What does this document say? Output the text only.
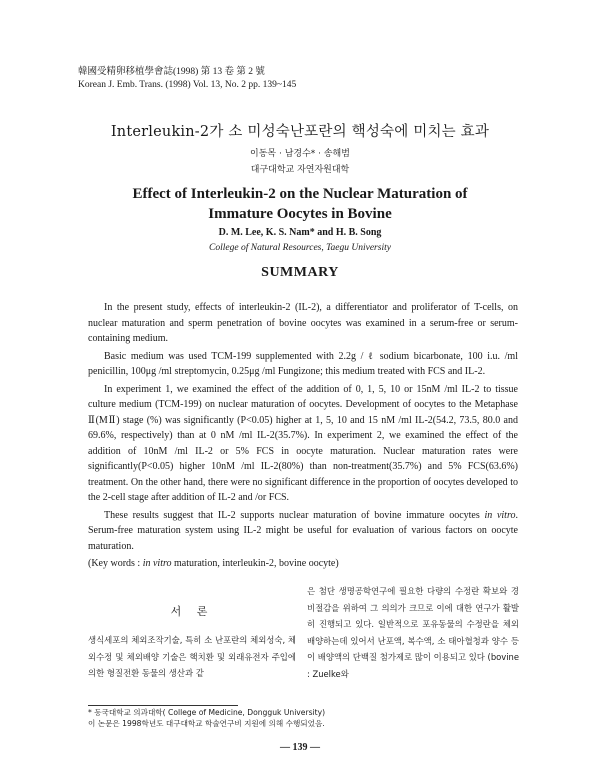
韓國受精卵移植學會誌(1998) 第 13 卷 第 2 號
Korean J. Emb. Trans. (1998) Vol. 13, No. 2 pp. 139~145
Interleukin-2가 소 미성숙난포란의 핵성숙에 미치는 효과
이동목 · 남경수* · 송해범
대구대학교 자연자원대학
Effect of Interleukin-2 on the Nuclear Maturation of
Immature Oocytes in Bovine
D. M. Lee, K. S. Nam* and H. B. Song
College of Natural Resources, Taegu University
SUMMARY

In the present study, effects of interleukin-2 (IL-2), a differentiator and proliferator of T-cells, on nuclear maturation and sperm penetration of bovine oocytes was examined in a serum-free or serum-containing medium.

Basic medium was used TCM-199 supplemented with 2.2g / ℓ sodium bicarbonate, 100 i.u. /ml penicillin, 100μg /ml streptomycin, 0.25μg /ml Fungizone; this medium treated with FCS and IL-2.

In experiment 1, we examined the effect of the addition of 0, 1, 5, 10 or 15nM /ml IL-2 to tissue culture medium (TCM-199) on nuclear maturation of oocytes. Development of oocytes to the Metaphase Ⅱ(MⅡ) stage (%) was significantly (P<0.05) higher at 1, 5, 10 and 15 nM /ml IL-2(54.2, 73.5, 80.0 and 69.6%, respectively) than at 0 nM /ml IL-2(35.7%). In experiment 2, we examined the effect of the addition of 10nM /ml IL-2 or 5% FCS in oocyte maturation. Nuclear maturation rates were significantly(P<0.05) higher 10nM /ml IL-2(80%) than non-treatment(35.7%) and 5% FCS(63.6%) treatment. On the other hand, there were no significant difference in the proportion of oocytes developed to the 2-cell stage after addition of IL-2 and /or FCS.

These results suggest that IL-2 supports nuclear maturation of bovine immature oocytes in vitro. Serum-free maturation system using IL-2 might be useful for evaluation of various factors on oocyte maturation.

(Key words : in vitro maturation, interleukin-2, bovine oocyte)

서 론

생식세포의 체외조작기술, 특히 소 난포란의 체외성숙, 체외수정 및 체외배양 기술은 핵치환 및 외래유전자 주입에 의한 형질전환 동물의 생산과 같

은 첨단 생명공학연구에 필요한 다량의 수정란 확보와 경비절감을 위하여 그 의의가 크므로 이에 대한 연구가 활발히 진행되고 있다. 일반적으로 포유동물의 수정란을 체외배양하는데 있어서 난포액, 복수액, 소 태아혈청과 양수 등이 배양액의 단백질 첨가제로 많이 이용되고 있다 (bovine : Zuelke와

* 동국대학교 의과대학( College of Medicine, Dongguk University)
이 논문은 1998학년도 대구대학교 학술연구비 지원에 의해 수행되었음.
— 139 —
